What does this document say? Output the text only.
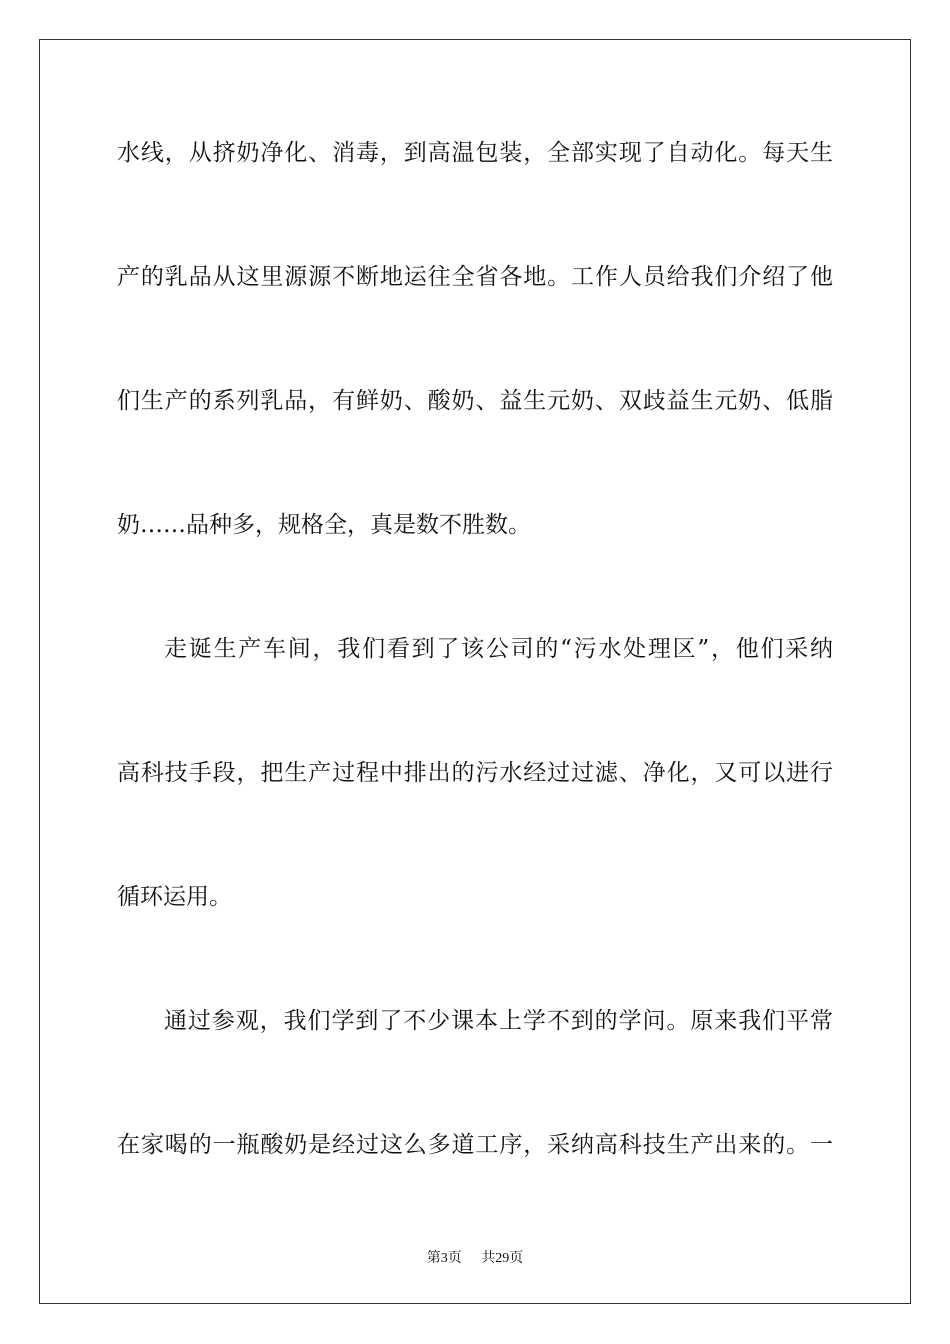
水线，从挤奶净化、消毒，到高温包装，全部实现了自动化。每天生
产的乳品从这里源源不断地运往全省各地。工作人员给我们介绍了他
们生产的系列乳品，有鲜奶、酸奶、益生元奶、双歧益生元奶、低脂
奶……品种多，规格全，真是数不胜数。
走诞生产车间，我们看到了该公司的“污水处理区”，他们采纳
高科技手段，把生产过程中排出的污水经过过滤、净化，又可以进行
循环运用。
通过参观，我们学到了不少课本上学不到的学问。原来我们平常
在家喝的一瓶酸奶是经过这么多道工序，采纳高科技生产出来的。一
第3页 共29页
